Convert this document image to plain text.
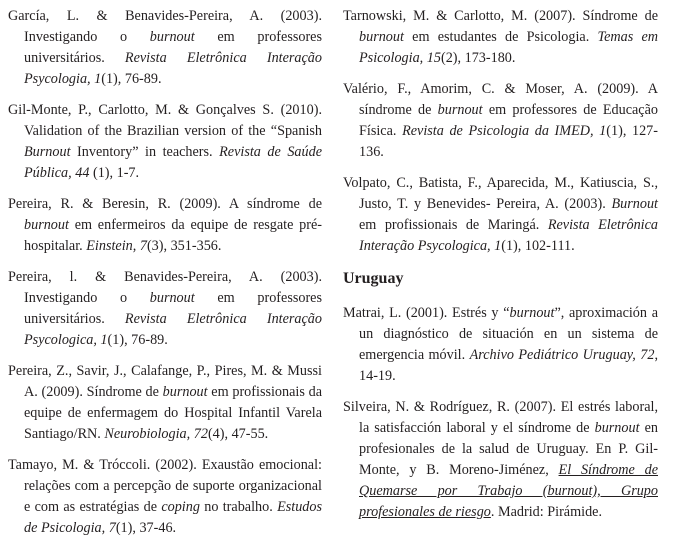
García, L. & Benavides-Pereira, A. (2003). Investigando o burnout em professores universitários. Revista Eletrônica Interação Psycologia, 1(1), 76-89.

Gil-Monte, P., Carlotto, M. & Gonçalves S. (2010). Validation of the Brazilian version of the “Spanish Burnout Inventory” in teachers. Revista de Saúde Pública, 44 (1), 1-7.

Pereira, R. & Beresin, R. (2009). A síndrome de burnout em enfermeiros da equipe de resgate pré-hospitalar. Einstein, 7(3), 351-356.

Pereira, l. & Benavides-Pereira, A. (2003). Investigando o burnout em professores universitários. Revista Eletrônica Interação Psycologica, 1(1), 76-89.

Pereira, Z., Savir, J., Calafange, P., Pires, M. & Mussi A. (2009). Síndrome de burnout em profissionais da equipe de enfermagem do Hospital Infantil Varela Santiago/RN. Neurobiologia, 72(4), 47-55.

Tamayo, M. & Tróccoli. (2002). Exaustão emocional: relações com a percepção de suporte organizacional e com as estratégias de coping no trabalho. Estudos de Psicologia, 7(1), 37-46.

Tarnowski, M. & Carlotto, M. (2007). Síndrome de burnout em estudantes de Psicologia. Temas em Psicologia, 15(2), 173-180.

Valério, F., Amorim, C. & Moser, A. (2009). A síndrome de burnout em professores de Educação Física. Revista de Psicologia da IMED, 1(1), 127-136.

Volpato, C., Batista, F., Aparecida, M., Katiuscia, S., Justo, T. y Benevides- Pereira, A. (2003). Burnout em profissionais de Maringá. Revista Eletrônica Interação Psycologica, 1(1), 102-111.

Uruguay

Matrai, L. (2001). Estrés y “burnout”, aproximación a un diagnóstico de situación en un sistema de emergencia móvil. Archivo Pediátrico Uruguay, 72, 14-19.

Silveira, N. & Rodríguez, R. (2007). El estrés laboral, la satisfacción laboral y el síndrome de burnout en profesionales de la salud de Uruguay. En P. Gil-Monte, y B. Moreno-Jiménez, El Síndrome de Quemarse por Trabajo (burnout), Grupo profesionales de riesgo. Madrid: Pirámide.
